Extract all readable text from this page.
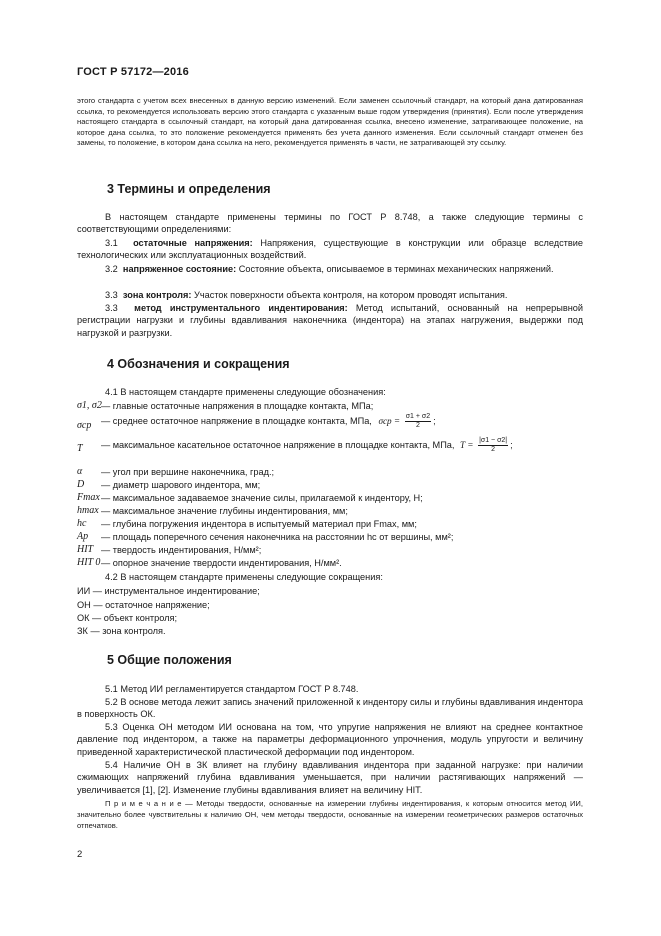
ГОСТ Р 57172—2016
этого стандарта с учетом всех внесенных в данную версию изменений. Если заменен ссылочный стандарт, на который дана датированная ссылка, то рекомендуется использовать версию этого стандарта с указанным выше годом утверждения (принятия). Если после утверждения настоящего стандарта в ссылочный стандарт, на который дана датированная ссылка, внесено изменение, затрагивающее положение, на которое дана ссылка, то это положение рекомендуется применять без учета данного изменения. Если ссылочный стандарт отменен без замены, то положение, в котором дана ссылка на него, рекомендуется применять в части, не затрагивающей эту ссылку.
3 Термины и определения
В настоящем стандарте применены термины по ГОСТ Р 8.748, а также следующие термины с соответствующими определениями:
3.1 остаточные напряжения: Напряжения, существующие в конструкции или образце вследствие технологических или эксплуатационных воздействий.
3.2 напряженное состояние: Состояние объекта, описываемое в терминах механических напряжений.
3.3 зона контроля: Участок поверхности объекта контроля, на котором проводят испытания.
3.3 метод инструментального индентирования: Метод испытаний, основанный на непрерывной регистрации нагрузки и глубины вдавливания наконечника (индентора) на этапах нагружения, выдержки под нагрузкой и разгрузки.
4 Обозначения и сокращения
4.1 В настоящем стандарте применены следующие обозначения:
σ1, σ2 — главные остаточные напряжения в площадке контакта, МПа;
σср — среднее остаточное напряжение в площадке контакта, МПа, $\sigma ср = \frac{\sigma 1 + \sigma 2}{2}$ ;
T — максимальное касательное остаточное напряжение в площадке контакта, МПа, $T = \frac{|\sigma 1 - \sigma 2|}{2}$ ;
α — угол при вершине наконечника, град.;
D — диаметр шарового индентора, мм;
Fmax — максимальное задаваемое значение силы, прилагаемой к индентору, Н;
hmax — максимальное значение глубины индентирования, мм;
hc — глубина погружения индентора в испытуемый материал при Fmax, мм;
Ap — площадь поперечного сечения наконечника на расстоянии hc от вершины, мм²;
HIT — твердость индентирования, Н/мм²;
HIT 0 — опорное значение твердости индентирования, Н/мм².
4.2 В настоящем стандарте применены следующие сокращения:
ИИ — инструментальное индентирование;
ОН — остаточное напряжение;
ОК — объект контроля;
ЗК — зона контроля.
5 Общие положения
5.1 Метод ИИ регламентируется стандартом ГОСТ Р 8.748.
5.2 В основе метода лежит запись значений приложенной к индентору силы и глубины вдавливания индентора в поверхность ОК.
5.3 Оценка ОН методом ИИ основана на том, что упругие напряжения не влияют на среднее контактное давление под индентором, а также на параметры деформационного упрочнения, модуль упругости и величину приведенной характеристической пластической деформации под индентором.
5.4 Наличие ОН в ЗК влияет на глубину вдавливания индентора при заданной нагрузке: при наличии сжимающих напряжений глубина вдавливания уменьшается, при наличии растягивающих напряжений — увеличивается [1], [2]. Изменение глубины вдавливания влияет на величину HIT.
П р и м е ч а н и е — Методы твердости, основанные на измерении глубины индентирования, к которым относится метод ИИ, значительно более чувствительны к наличию ОН, чем методы твердости, основанные на измерении геометрических размеров остаточных отпечатков.
2
